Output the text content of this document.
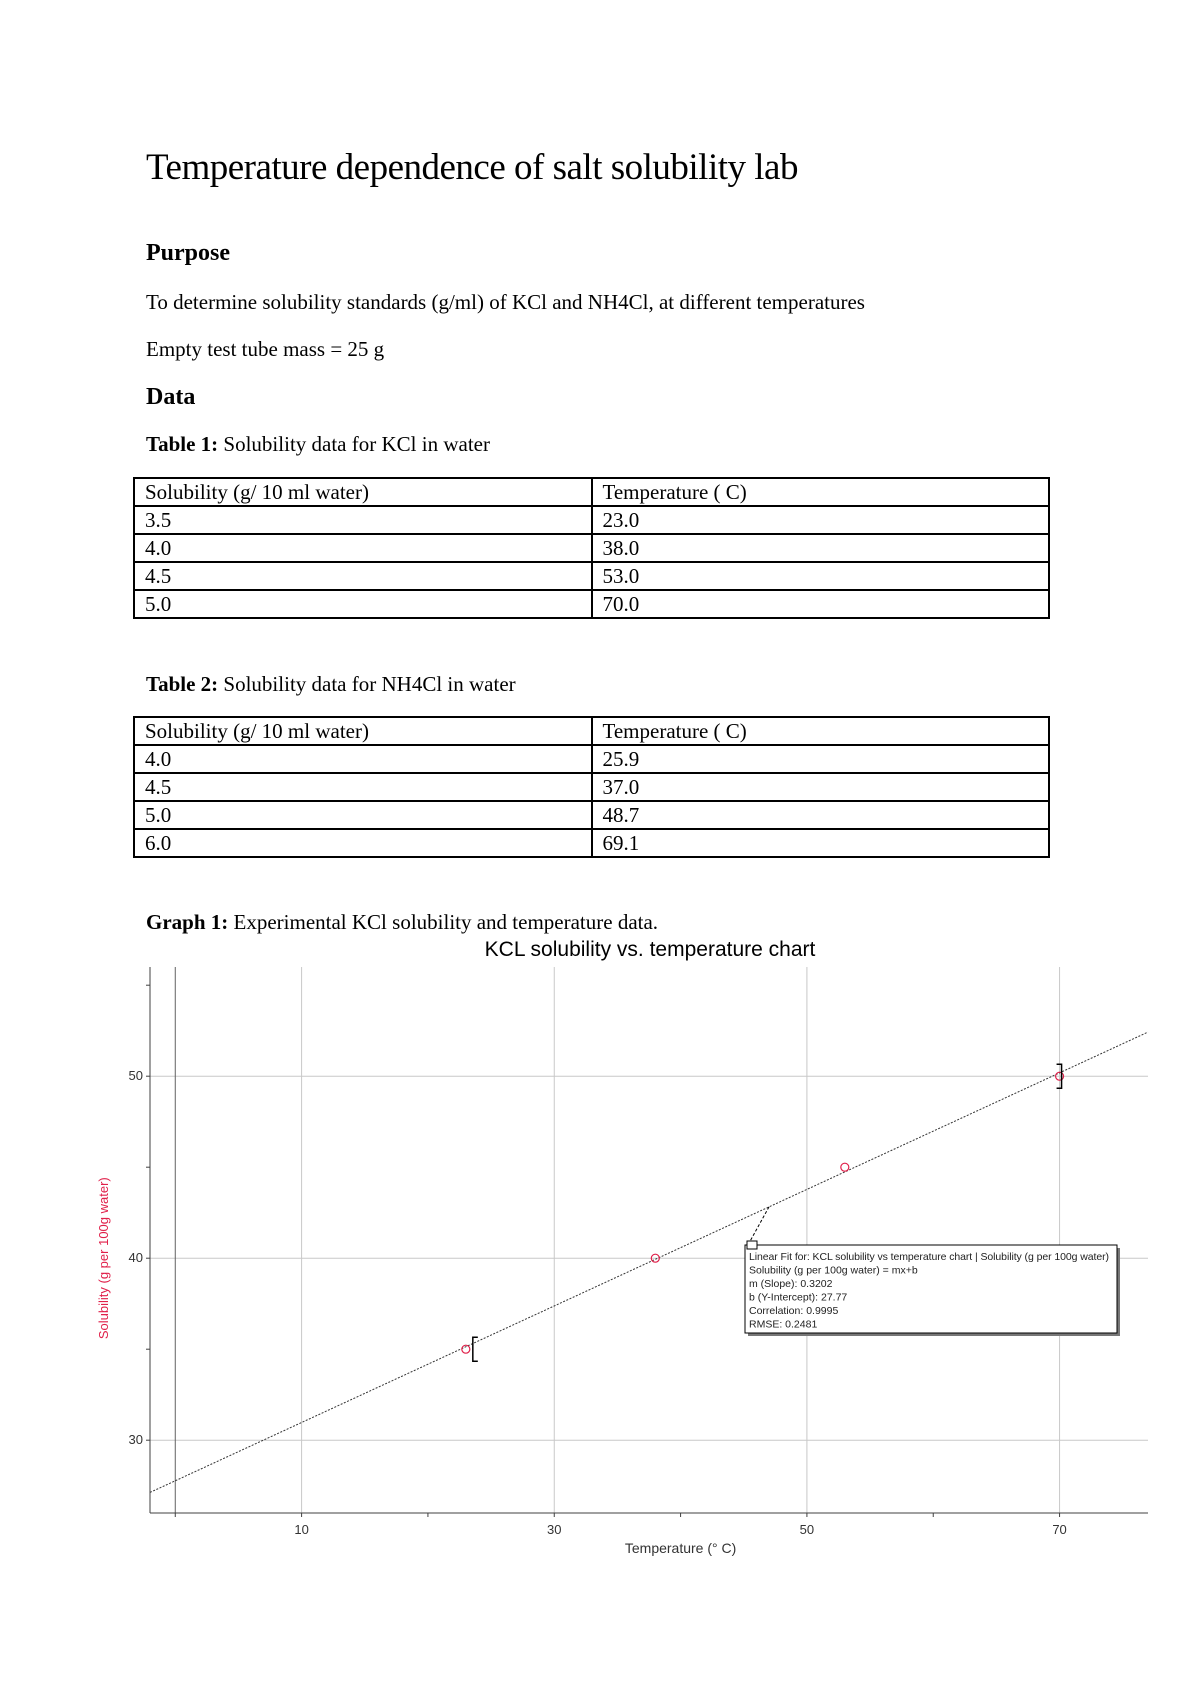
Temperature dependence of salt solubility lab

Purpose

To determine solubility standards (g/ml) of KCl and NH4Cl, at different temperatures

Empty test tube mass = 25 g

Data

Table 1: Solubility data for KCl in water

Solubility (g/ 10 ml water)	Temperature ( C)
3.5	23.0
4.0	38.0
4.5	53.0
5.0	70.0

Table 2: Solubility data for NH4Cl in water

Solubility (g/ 10 ml water)	Temperature ( C)
4.0	25.9
4.5	37.0
5.0	48.7
6.0	69.1

Graph 1: Experimental KCl solubility and temperature data.

KCL solubility vs. temperature chart
10	30	50	70
30
40
50
Temperature (° C)
Solubility (g per 100g water)	Linear Fit for: KCL solubility vs temperature chart | Solubility (g per 100g water)
Solubility (g per 100g water) = mx+b
m (Slope): 0.3202
b (Y-Intercept): 27.77
Correlation: 0.9995
RMSE: 0.2481
